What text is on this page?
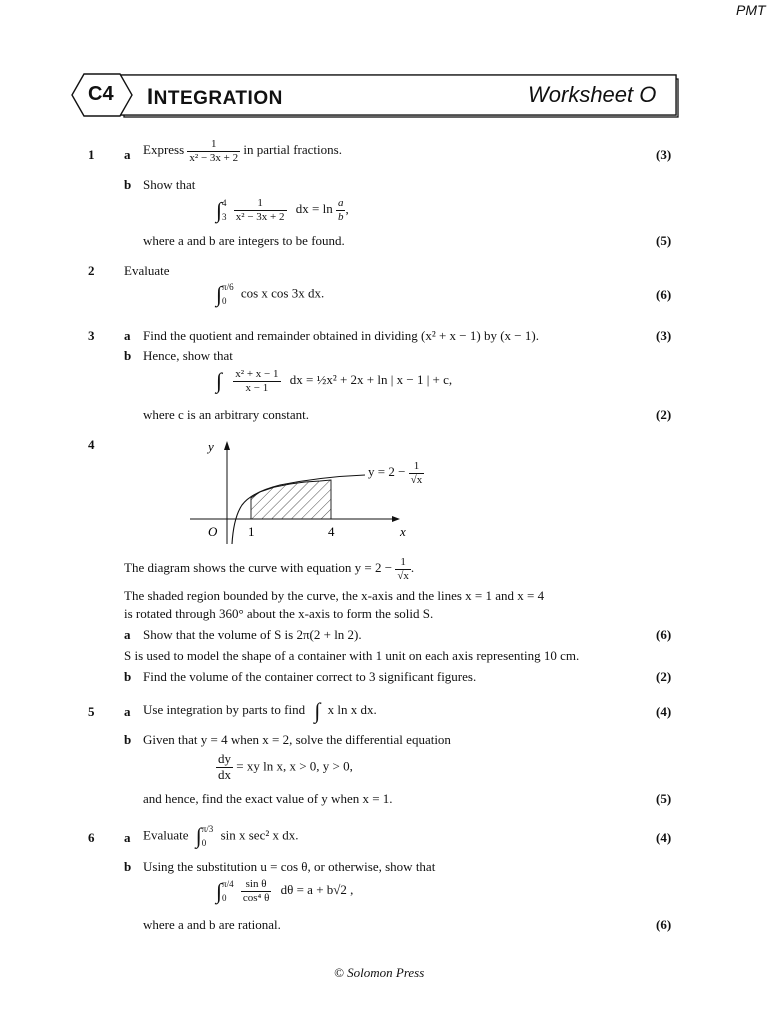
PMT
C4 INTEGRATION	Worksheet O
1 a Express $\frac{1}{\text{x² − 3x + 2}}$ in partial fractions.	(3)
b Show that
∫ 4
3
$\frac{1}{\text{x² − 3x + 2}}$ dx = $\ln \frac{a}{b}$ ,
where a and b are integers to be found.	(5)
2 Evaluate
∫ π/6
0
cos x cos 3x dx.	(6)
3 a Find the quotient and remainder obtained in dividing (x² + x − 1) by (x − 1).	(3)
b Hence, show that
∫ $\frac{\text{x² + x − 1}}{x - 1}$ dx = ½x² + 2x + ln | x − 1 | + c,
where c is an arbitrary constant.	(2)
4	y
x
O 1	4
$y = 2 - \frac{1}{√x}$
The diagram shows the curve with equation $y = 2 - \frac{1}{√x}$ .
The shaded region bounded by the curve, the x-axis and the lines x = 1 and x = 4
is rotated through 360° about the x-axis to form the solid S.
a Show that the volume of S is 2π(2 + ln 2).	(6)
S is used to model the shape of a container with 1 unit on each axis representing 10 cm.
b Find the volume of the container correct to 3 significant figures.	(2)
5 a Use integration by parts to find ∫ x ln x dx.	(4)
b Given that y = 4 when x = 2, solve the differential equation
$\frac{dy}{dx}$ = xy ln x, x > 0, y > 0,
and hence, find the exact value of y when x = 1.	(5)
6 a Evaluate ∫ π/3
0
sin x sec² x dx.	(4)
b Using the substitution u = cos θ, or otherwise, show that
∫ π/4
0
	$\frac{\text{sin θ}}{\text{cos⁴ θ}}$ dθ = a + b√2 ,
where a and b are rational.	(6)
© Solomon Press
